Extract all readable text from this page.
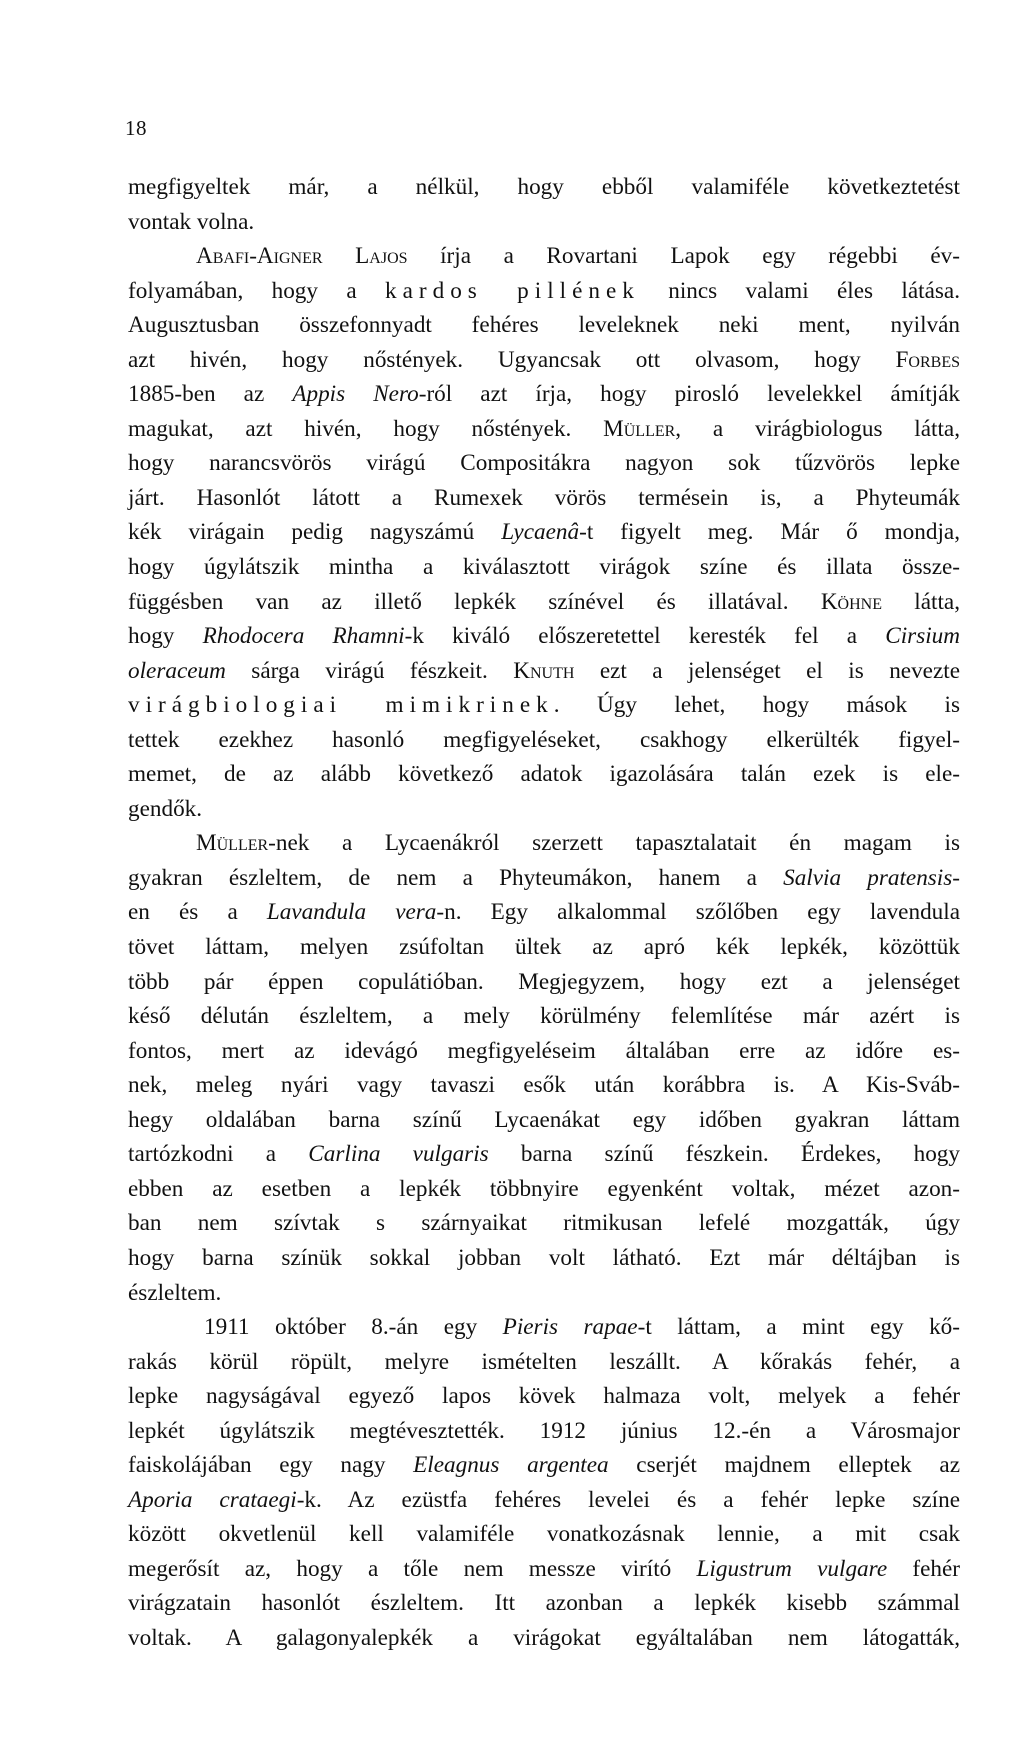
18
megfigyeltek már, a nélkül, hogy ebből valamiféle következtetést
vontak volna.
Abafi-Aigner Lajos írja a Rovartani Lapok egy régebbi év-
folyamában, hogy a kardos pillének nincs valami éles látása.
Augusztusban összefonnyadt fehéres leveleknek neki ment, nyilván
azt hivén, hogy nőstények. Ugyancsak ott olvasom, hogy Forbes
1885-ben az Appis Nero-ról azt írja, hogy pirosló levelekkel ámítják
magukat, azt hivén, hogy nőstények. Müller, a virágbiologus látta,
hogy narancsvörös virágú Compositákra nagyon sok tűzvörös lepke
járt. Hasonlót látott a Rumexek vörös termésein is, a Phyteumák
kék virágain pedig nagyszámú Lycaenâ-t figyelt meg. Már ő mondja,
hogy úgylátszik mintha a kiválasztott virágok színe és illata össze-
függésben van az illető lepkék színével és illatával. Köhne látta,
hogy Rhodocera Rhamni-k kiváló előszeretettel keresték fel a Cirsium
oleraceum sárga virágú fészkeit. Knuth ezt a jelenséget el is nevezte
virágbiologiai mimikrinek. Úgy lehet, hogy mások is
tettek ezekhez hasonló megfigyeléseket, csakhogy elkerülték figyel-
memet, de az alább következő adatok igazolására talán ezek is ele-
gendők.
Müller-nek a Lycaenákról szerzett tapasztalatait én magam is
gyakran észleltem, de nem a Phyteumákon, hanem a Salvia pratensis-
en és a Lavandula vera-n. Egy alkalommal szőlőben egy lavendula
tövet láttam, melyen zsúfoltan ültek az apró kék lepkék, közöttük
több pár éppen copulátióban. Megjegyzem, hogy ezt a jelenséget
késő délután észleltem, a mely körülmény felemlítése már azért is
fontos, mert az idevágó megfigyeléseim általában erre az időre es-
nek, meleg nyári vagy tavaszi esők után korábbra is. A Kis-Sváb-
hegy oldalában barna színű Lycaenákat egy időben gyakran láttam
tartózkodni a Carlina vulgaris barna színű fészkein. Érdekes, hogy
ebben az esetben a lepkék többnyire egyenként voltak, mézet azon-
ban nem szívtak s szárnyaikat ritmikusan lefelé mozgatták, úgy
hogy barna színük sokkal jobban volt látható. Ezt már déltájban is
észleltem.
1911 október 8.-án egy Pieris rapae-t láttam, a mint egy kő-
rakás körül röpült, melyre ismételten leszállt. A kőrakás fehér, a
lepke nagyságával egyező lapos kövek halmaza volt, melyek a fehér
lepkét úgylátszik megtévesztették. 1912 június 12.-én a Városmajor
faiskolájában egy nagy Eleagnus argentea cserjét majdnem elleptek az
Aporia crataegi-k. Az ezüstfa fehéres levelei és a fehér lepke színe
között okvetlenül kell valamiféle vonatkozásnak lennie, a mit csak
megerősít az, hogy a tőle nem messze virító Ligustrum vulgare fehér
virágzatain hasonlót észleltem. Itt azonban a lepkék kisebb számmal
voltak. A galagonyalepkék a virágokat egyáltalában nem látogatták,
